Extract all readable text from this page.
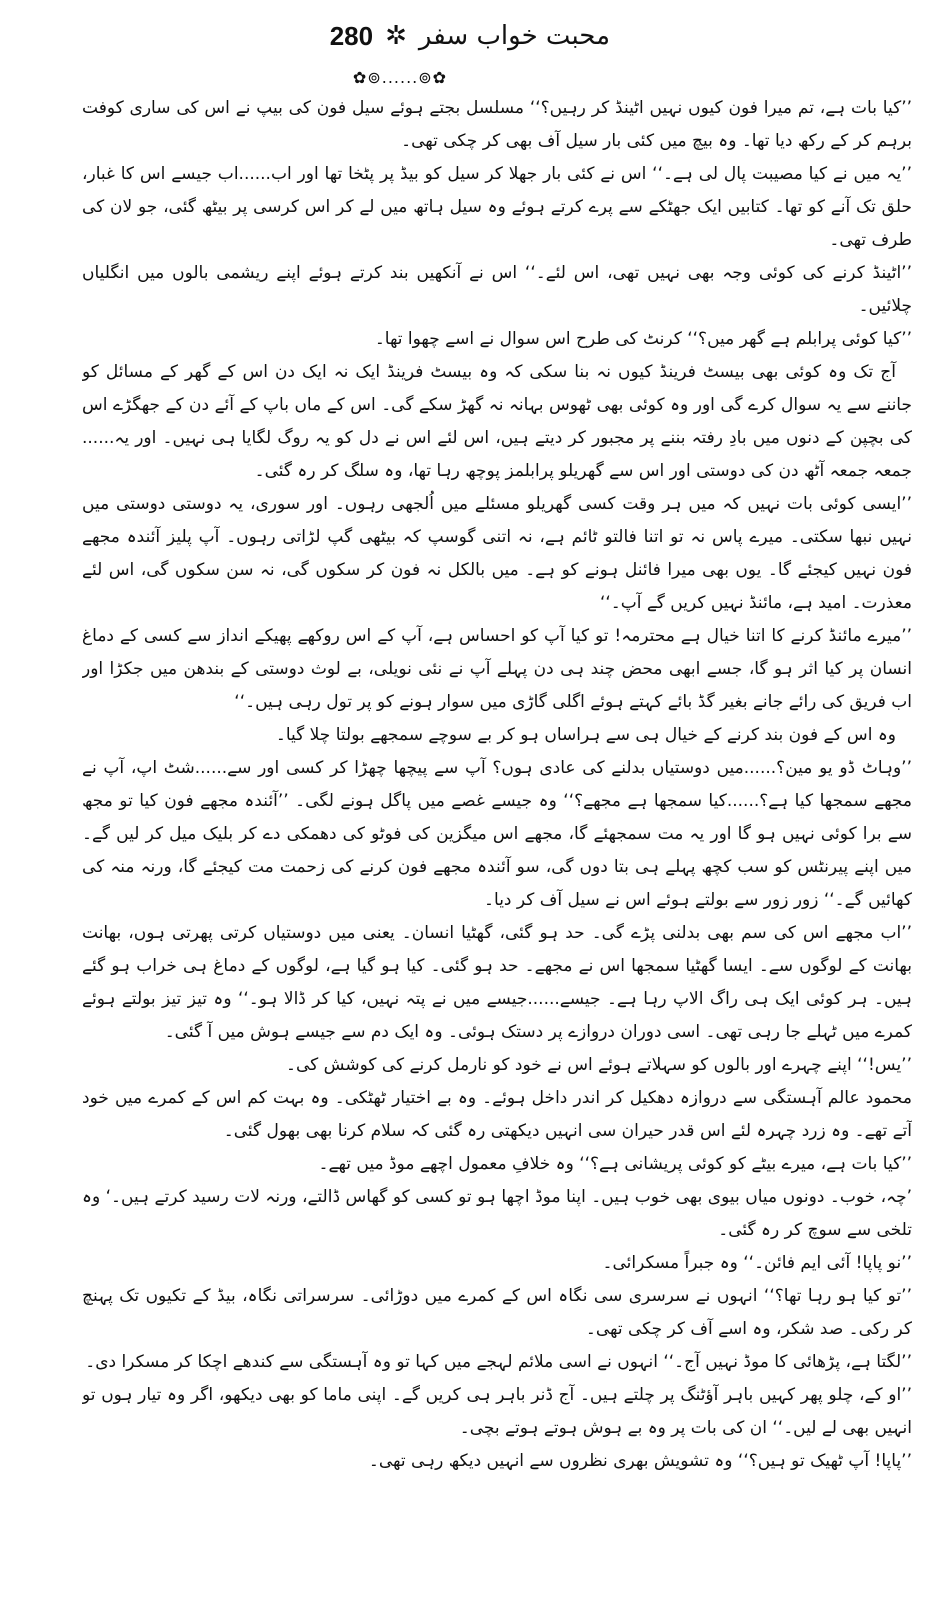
محبت خواب سفر
✲
280
✿⊚......⊚✿

’’کیا بات ہے، تم میرا فون کیوں نہیں اٹینڈ کر رہیں؟‘‘ مسلسل بجتے ہوئے سیل فون کی بیپ نے اس کی ساری کوفت برہم کر کے رکھ دیا تھا۔ وہ بیچ میں کئی بار سیل آف بھی کر چکی تھی۔

’’یہ میں نے کیا مصیبت پال لی ہے۔‘‘ اس نے کئی بار جھلا کر سیل کو بیڈ پر پٹخا تھا اور اب......اب جیسے اس کا غبار، حلق تک آنے کو تھا۔ کتابیں ایک جھٹکے سے پرے کرتے ہوئے وہ سیل ہاتھ میں لے کر اس کرسی پر بیٹھ گئی، جو لان کی طرف تھی۔

’’اٹینڈ کرنے کی کوئی وجہ بھی نہیں تھی، اس لئے۔‘‘ اس نے آنکھیں بند کرتے ہوئے اپنے ریشمی بالوں میں انگلیاں چلائیں۔

’’کیا کوئی پرابلم ہے گھر میں؟‘‘ کرنٹ کی طرح اس سوال نے اسے چھوا تھا۔

آج تک وہ کوئی بھی بیسٹ فرینڈ کیوں نہ بنا سکی کہ وہ بیسٹ فرینڈ ایک نہ ایک دن اس کے گھر کے مسائل کو جاننے سے یہ سوال کرے گی اور وہ کوئی بھی ٹھوس بہانہ نہ گھڑ سکے گی۔ اس کے ماں باپ کے آئے دن کے جھگڑے اس کی بچپن کے دنوں میں بادِ رفتہ بننے پر مجبور کر دیتے ہیں، اس لئے اس نے دل کو یہ روگ لگایا ہی نہیں۔ اور یہ...... جمعہ جمعہ آٹھ دن کی دوستی اور اس سے گھریلو پرابلمز پوچھ رہا تھا، وہ سلگ کر رہ گئی۔

’’ایسی کوئی بات نہیں کہ میں ہر وقت کسی گھریلو مسئلے میں اُلجھی رہوں۔ اور سوری، یہ دوستی دوستی میں نہیں نبھا سکتی۔ میرے پاس نہ تو اتنا فالتو ٹائم ہے، نہ اتنی گوسپ کہ بیٹھی گپ لڑاتی رہوں۔ آپ پلیز آئندہ مجھے فون نہیں کیجئے گا۔ یوں بھی میرا فائنل ہونے کو ہے۔ میں بالکل نہ فون کر سکوں گی، نہ سن سکوں گی، اس لئے معذرت۔ امید ہے، مائنڈ نہیں کریں گے آپ۔‘‘

’’میرے مائنڈ کرنے کا اتنا خیال ہے محترمہ! تو کیا آپ کو احساس ہے، آپ کے اس روکھے پھیکے انداز سے کسی کے دماغ انسان پر کیا اثر ہو گا، جسے ابھی محض چند ہی دن پہلے آپ نے نئی نویلی، بے لوث دوستی کے بندھن میں جکڑا اور اب فریق کی رائے جانے بغیر گڈ بائے کہتے ہوئے اگلی گاڑی میں سوار ہونے کو پر تول رہی ہیں۔‘‘

وہ اس کے فون بند کرنے کے خیال ہی سے ہراساں ہو کر بے سوچے سمجھے بولتا چلا گیا۔

’’وہاٹ ڈو یو مین؟......میں دوستیاں بدلنے کی عادی ہوں؟ آپ سے پیچھا چھڑا کر کسی اور سے......شٹ اپ، آپ نے مجھے سمجھا کیا ہے؟......کیا سمجھا ہے مجھے؟‘‘ وہ جیسے غصے میں پاگل ہونے لگی۔ ’’آئندہ مجھے فون کیا تو مجھ سے برا کوئی نہیں ہو گا اور یہ مت سمجھئے گا، مجھے اس میگزین کی فوٹو کی دھمکی دے کر بلیک میل کر لیں گے۔ میں اپنے پیرنٹس کو سب کچھ پہلے ہی بتا دوں گی، سو آئندہ مجھے فون کرنے کی زحمت مت کیجئے گا، ورنہ منہ کی کھائیں گے۔‘‘ زور زور سے بولتے ہوئے اس نے سیل آف کر دیا۔

’’اب مجھے اس کی سم بھی بدلنی پڑے گی۔ حد ہو گئی، گھٹیا انسان۔ یعنی میں دوستیاں کرتی پھرتی ہوں، بھانت بھانت کے لوگوں سے۔ ایسا گھٹیا سمجھا اس نے مجھے۔ حد ہو گئی۔ کیا ہو گیا ہے، لوگوں کے دماغ ہی خراب ہو گئے ہیں۔ ہر کوئی ایک ہی راگ الاپ رہا ہے۔ جیسے......جیسے میں نے پتہ نہیں، کیا کر ڈالا ہو۔‘‘ وہ تیز تیز بولتے ہوئے کمرے میں ٹہلے جا رہی تھی۔ اسی دوران دروازے پر دستک ہوئی۔ وہ ایک دم سے جیسے ہوش میں آ گئی۔

’’یس!‘‘ اپنے چہرے اور بالوں کو سہلاتے ہوئے اس نے خود کو نارمل کرنے کی کوشش کی۔

محمود عالم آہستگی سے دروازہ دھکیل کر اندر داخل ہوئے۔ وہ بے اختیار ٹھٹکی۔ وہ بہت کم اس کے کمرے میں خود آتے تھے۔ وہ زرد چہرہ لئے اس قدر حیران سی انہیں دیکھتی رہ گئی کہ سلام کرنا بھی بھول گئی۔

’’کیا بات ہے، میرے بیٹے کو کوئی پریشانی ہے؟‘‘ وہ خلافِ معمول اچھے موڈ میں تھے۔

’چہ، خوب۔ دونوں میاں بیوی بھی خوب ہیں۔ اپنا موڈ اچھا ہو تو کسی کو گھاس ڈالتے، ورنہ لات رسید کرتے ہیں۔‘ وہ تلخی سے سوچ کر رہ گئی۔

’’نو پاپا! آئی ایم فائن۔‘‘ وہ جبراً مسکرائی۔

’’تو کیا ہو رہا تھا؟‘‘ انہوں نے سرسری سی نگاہ اس کے کمرے میں دوڑائی۔ سرسراتی نگاہ، بیڈ کے تکیوں تک پہنچ کر رکی۔ صد شکر، وہ اسے آف کر چکی تھی۔

’’لگتا ہے، پڑھائی کا موڈ نہیں آج۔‘‘ انہوں نے اسی ملائم لہجے میں کہا تو وہ آہستگی سے کندھے اچکا کر مسکرا دی۔

’’او کے، چلو پھر کہیں باہر آؤٹنگ پر چلتے ہیں۔ آج ڈنر باہر ہی کریں گے۔ اپنی ماما کو بھی دیکھو، اگر وہ تیار ہوں تو انہیں بھی لے لیں۔‘‘ ان کی بات پر وہ بے ہوش ہوتے ہوتے بچی۔

’’پاپا! آپ ٹھیک تو ہیں؟‘‘ وہ تشویش بھری نظروں سے انہیں دیکھ رہی تھی۔
